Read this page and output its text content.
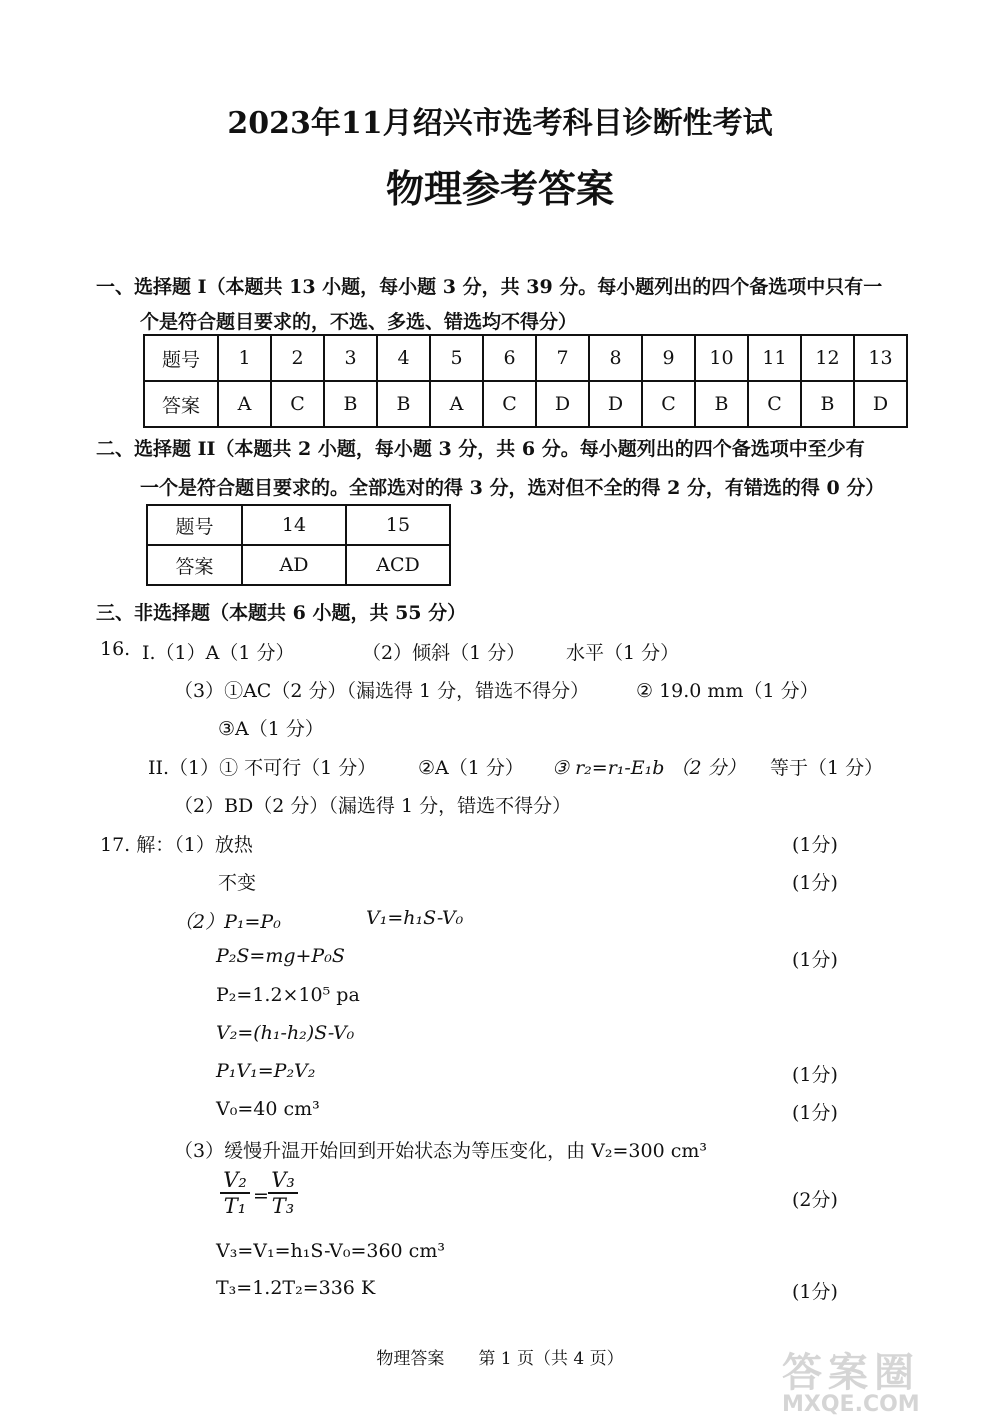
2023年11月绍兴市选考科目诊断性考试
物理参考答案
一、选择题 I（本题共 13 小题，每小题 3 分，共 39 分。每小题列出的四个备选项中只有一
个是符合题目要求的，不选、多选、错选均不得分）
题号	1	2	3	4	5	6	7	8	9	10	11	12	13
答案	A	C	B	B	A	C	D	D	C	B	C	B	D
二、选择题 II（本题共 2 小题，每小题 3 分，共 6 分。每小题列出的四个备选项中至少有
一个是符合题目要求的。全部选对的得 3 分，选对但不全的得 2 分，有错选的得 0 分）
题号	14	15
答案	AD	ACD
三、非选择题（本题共 6 小题，共 55 分）
16. Ⅰ.（1）A（1 分）	（2）倾斜（1 分） 水平（1 分）
（3）①AC（2 分）（漏选得 1 分，错选不得分） ② 19.0 mm（1 分）
③A（1 分）
II.（1）① 不可行（1 分） ②A（1 分） ③ r₂=r₁-E₁b （2 分） 等于（1 分）
（2）BD（2 分）（漏选得 1 分，错选不得分）
17. 解：（1）放热	(1分)
不变	(1分)
（2）P₁=P₀	V₁=h₁S-V₀
P₂S=mg+P₀S	(1分)
P₂=1.2×10⁵ pa
V₂=(h₁-h₂)S-V₀
P₁V₁=P₂V₂	(1分)
V₀=40 cm³	(1分)
（3）缓慢升温开始回到开始状态为等压变化，由 V₂=300 cm³
V₂
T₁ =
V₃
T₃	(2分)
V₃=V₁=h₁S-V₀=360 cm³
T₃=1.2T₂=336 K	(1分)
物理答案　　第 1 页（共 4 页）	答案圈
MXQE.COM
